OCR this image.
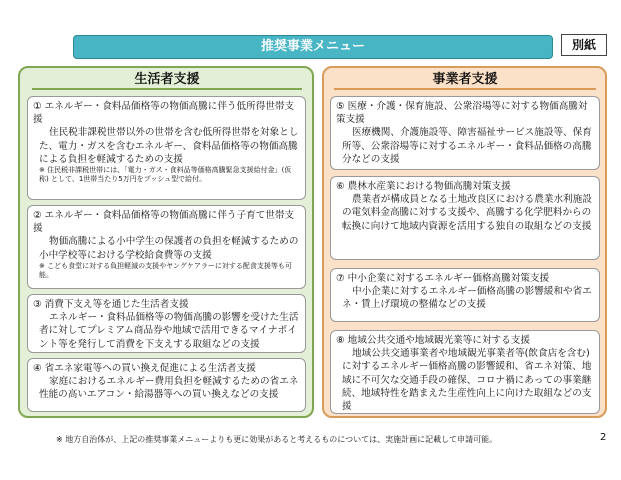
推奨事業メニュー	別紙
生活者支援	事業者支援
① エネルギー・食料品価格等の物価高騰に伴う低所得世帯支援
住民税非課税世帯以外の世帯を含む低所得世帯を対象とした、電力・ガスを含むエネルギー、食料品価格等の物価高騰による負担を軽減するための支援
※ 住民税非課税世帯には、「電力・ガス・食料品等価格高騰緊急支援給付金」(仮称) として、1世帯当たり5万円をプッシュ型で給付。
② エネルギー・食料品価格等の物価高騰に伴う子育て世帯支援
物価高騰による小中学生の保護者の負担を軽減するための小中学校等における学校給食費等の支援
※ こども食堂に対する負担軽減の支援やヤングケアラーに対する配食支援等も可能。
③ 消費下支え等を通じた生活者支援
エネルギー・食料品価格等の物価高騰の影響を受けた生活者に対してプレミアム商品券や地域で活用できるマイナポイント等を発行して消費を下支えする取組などの支援
④ 省エネ家電等への買い換え促進による生活者支援
家庭におけるエネルギー費用負担を軽減するための省エネ性能の高いエアコン・給湯器等への買い換えなどの支援
⑤ 医療・介護・保育施設、公衆浴場等に対する物価高騰対策支援
医療機関、介護施設等、障害福祉サービス施設等、保育所等、公衆浴場等に対するエネルギー・食料品価格の高騰分などの支援
⑥ 農林水産業における物価高騰対策支援
農業者が構成員となる土地改良区における農業水利施設の電気料金高騰に対する支援や、高騰する化学肥料からの転換に向けて地域内資源を活用する独自の取組などの支援
⑦ 中小企業に対するエネルギー価格高騰対策支援
中小企業に対するエネルギー価格高騰の影響緩和や省エネ・賃上げ環境の整備などの支援
⑧ 地域公共交通や地域観光業等に対する支援
地域公共交通事業者や地域観光事業者等(飲食店を含む)に対するエネルギー価格高騰の影響緩和、省エネ対策、地域に不可欠な交通手段の確保、コロナ禍にあっての事業継続、地域特性を踏まえた生産性向上に向けた取組などの支援
※ 地方自治体が、上記の推奨事業メニューよりも更に効果があると考えるものについては、実施計画に記載して申請可能。	2
